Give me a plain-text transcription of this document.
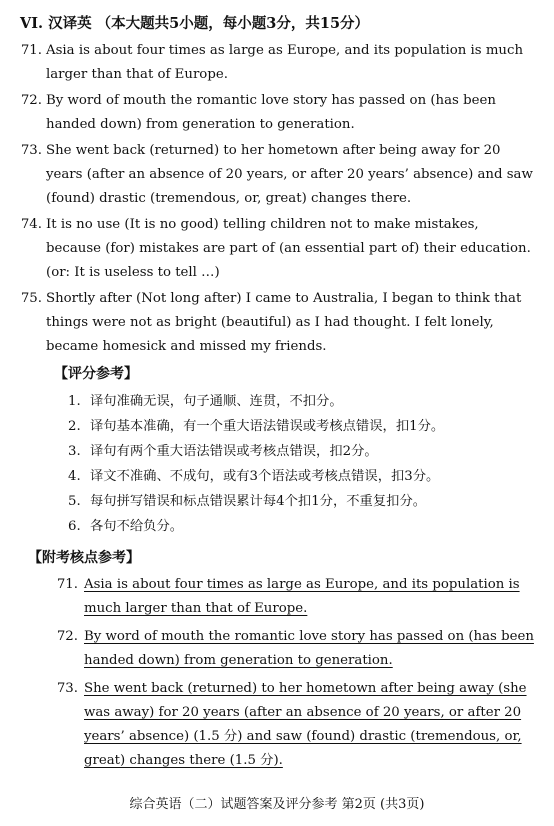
VI. 汉译英 （本大题共5小题，每小题3分，共15分）
71. Asia is about four times as large as Europe, and its population is much larger than that of Europe.
72. By word of mouth the romantic love story has passed on (has been handed down) from generation to generation.
73. She went back (returned) to her hometown after being away for 20 years (after an absence of 20 years, or after 20 years’ absence) and saw (found) drastic (tremendous, or, great) changes there.
74. It is no use (It is no good) telling children not to make mistakes, because (for) mistakes are part of (an essential part of) their education. (or: It is useless to tell …)
75. Shortly after (Not long after) I came to Australia, I began to think that things were not as bright (beautiful) as I had thought. I felt lonely, became homesick and missed my friends.
【评分参考】
1. 译句准确无误，句子通顺、连贯，不扣分。
2. 译句基本准确，有一个重大语法错误或考核点错误，扣1分。
3. 译句有两个重大语法错误或考核点错误，扣2分。
4. 译文不准确、不成句，或有3个语法或考核点错误，扣3分。
5. 每句拼写错误和标点错误累计每4个扣1分，不重复扣分。
6. 各句不给负分。
【附考核点参考】
71. Asia is about four times as large as Europe, and its population is much larger than that of Europe.
72. By word of mouth the romantic love story has passed on (has been handed down) from generation to generation.
73. She went back (returned) to her hometown after being away (she was away) for 20 years (after an absence of 20 years, or after 20 years’ absence) (1.5 分) and saw (found) drastic (tremendous, or, great) changes there (1.5 分).
综合英语（二）试题答案及评分参考 第2页 (共3页)
